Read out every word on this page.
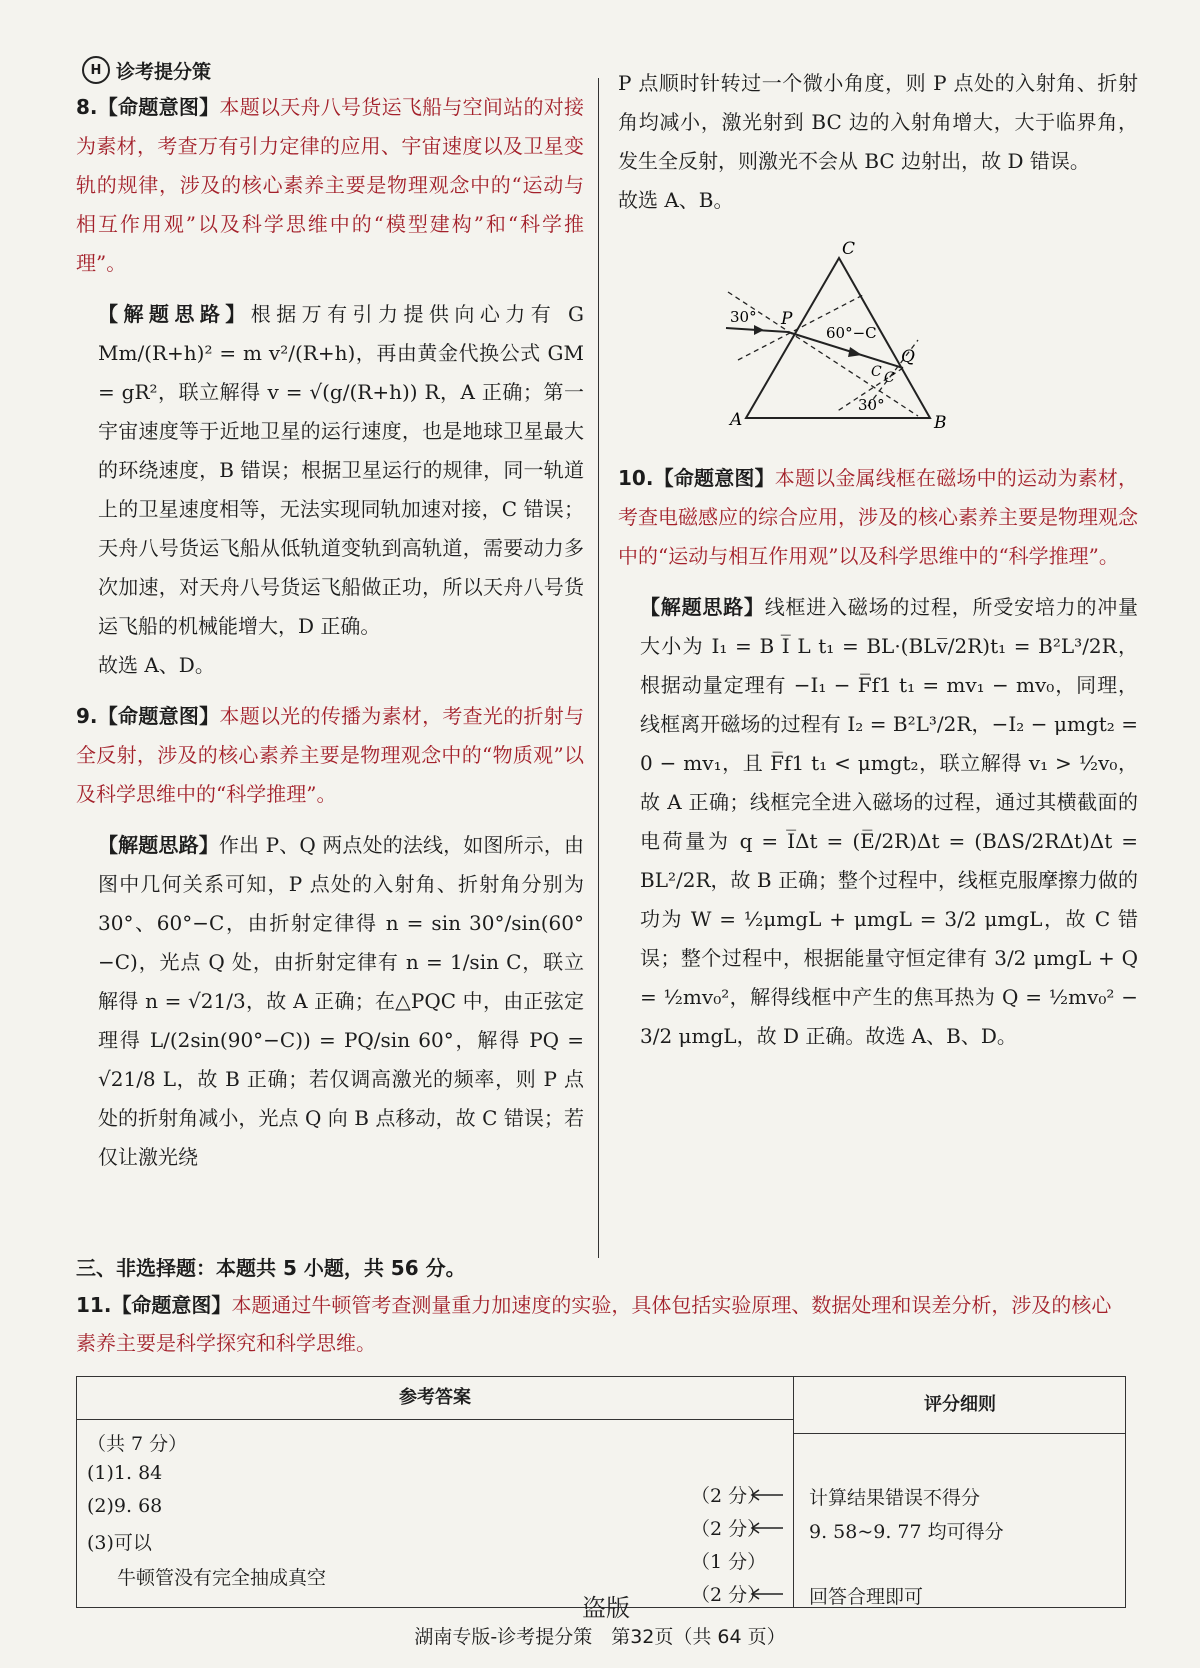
H 诊考提分策

8.【命题意图】本题以天舟八号货运飞船与空间站的对接为素材，考查万有引力定律的应用、宇宙速度以及卫星变轨的规律，涉及的核心素养主要是物理观念中的“运动与相互作用观”以及科学思维中的“模型建构”和“科学推理”。

【解题思路】根据万有引力提供向心力有 G Mm/(R+h)² = m v²/(R+h)，再由黄金代换公式 GM = gR²，联立解得 v = √(g/(R+h)) R，A 正确；第一宇宙速度等于近地卫星的运行速度，也是地球卫星最大的环绕速度，B 错误；根据卫星运行的规律，同一轨道上的卫星速度相等，无法实现同轨加速对接，C 错误；天舟八号货运飞船从低轨道变轨到高轨道，需要动力多次加速，对天舟八号货运飞船做正功，所以天舟八号货运飞船的机械能增大，D 正确。
故选 A、D。

9.【命题意图】本题以光的传播为素材，考查光的折射与全反射，涉及的核心素养主要是物理观念中的“物质观”以及科学思维中的“科学推理”。

【解题思路】作出 P、Q 两点处的法线，如图所示，由图中几何关系可知，P 点处的入射角、折射角分别为 30°、60°−C，由折射定律得 n = sin 30°/sin(60°−C)，光点 Q 处，由折射定律有 n = 1/sin C，联立解得 n = √21/3，故 A 正确；在△PQC 中，由正弦定理得 L/(2sin(90°−C)) = PQ/sin 60°，解得 PQ = √21/8 L，故 B 正确；若仅调高激光的频率，则 P 点处的折射角减小，光点 Q 向 B 点移动，故 C 错误；若仅让激光绕

P 点顺时针转过一个微小角度，则 P 点处的入射角、折射角均减小，激光射到 BC 边的入射角增大，大于临界角，发生全反射，则激光不会从 BC 边射出，故 D 错误。
故选 A、B。

C
A	B
P
Q
30°
60°−C
C C
30°

10.【命题意图】本题以金属线框在磁场中的运动为素材，考查电磁感应的综合应用，涉及的核心素养主要是物理观念中的“运动与相互作用观”以及科学思维中的“科学推理”。

【解题思路】线框进入磁场的过程，所受安培力的冲量大小为 I₁ = B I̅ L t₁ = BL·(BLv̅/2R)t₁ = B²L³/2R，根据动量定理有 −I₁ − F̅f1 t₁ = mv₁ − mv₀，同理，线框离开磁场的过程有 I₂ = B²L³/2R，−I₂ − μmgt₂ = 0 − mv₁，且 F̅f1 t₁ < μmgt₂，联立解得 v₁ > ½v₀，故 A 正确；线框完全进入磁场的过程，通过其横截面的电荷量为 q = I̅Δt = (E̅/2R)Δt = (BΔS/2RΔt)Δt = BL²/2R，故 B 正确；整个过程中，线框克服摩擦力做的功为 W = ½μmgL + μmgL = 3/2 μmgL，故 C 错误；整个过程中，根据能量守恒定律有 3/2 μmgL + Q = ½mv₀²，解得线框中产生的焦耳热为 Q = ½mv₀² − 3/2 μmgL，故 D 正确。故选 A、B、D。

三、非选择题：本题共 5 小题，共 56 分。
11.【命题意图】本题通过牛顿管考查测量重力加速度的实验，具体包括实验原理、数据处理和误差分析，涉及的核心素养主要是科学探究和科学思维。
参考答案	评分细则
（共 7 分）
(1)1. 84
(2)9. 68
(3)可以
牛顿管没有完全抽成真空
（2 分）
（2 分）
（1 分）
（2 分）
计算结果错误不得分
9. 58~9. 77 均可得分
回答合理即可
盗版
湖南专版-诊考提分策　第32页（共 64 页）
